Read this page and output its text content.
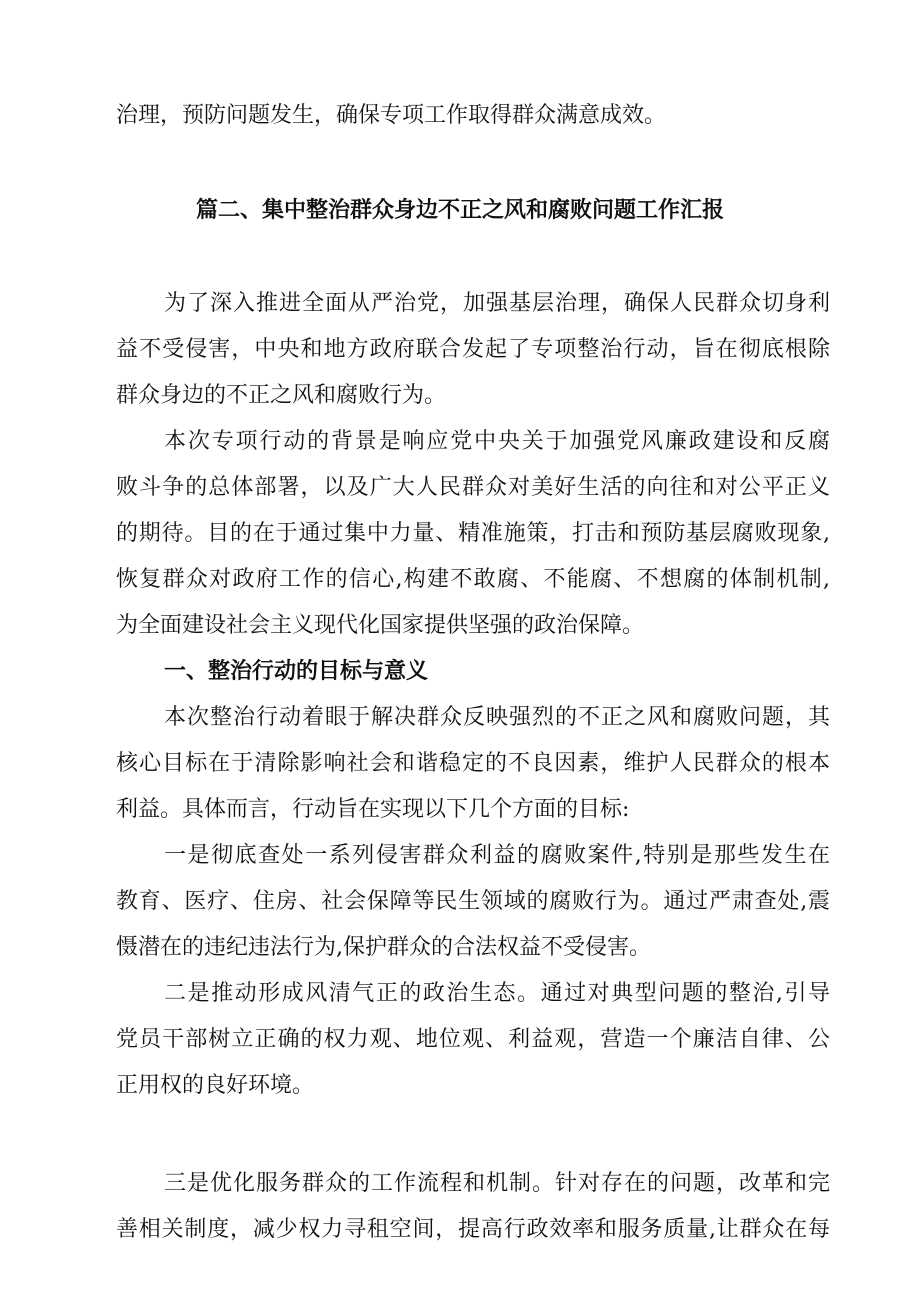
治理，预防问题发生，确保专项工作取得群众满意成效。
篇二、集中整治群众身边不正之风和腐败问题工作汇报
为了深入推进全面从严治党，加强基层治理，确保人民群众切身利
益不受侵害，中央和地方政府联合发起了专项整治行动，旨在彻底根除
群众身边的不正之风和腐败行为。
本次专项行动的背景是响应党中央关于加强党风廉政建设和反腐
败斗争的总体部署，以及广大人民群众对美好生活的向往和对公平正义
的期待。目的在于通过集中力量、精准施策，打击和预防基层腐败现象,
恢复群众对政府工作的信心,构建不敢腐、不能腐、不想腐的体制机制,
为全面建设社会主义现代化国家提供坚强的政治保障。
一、整治行动的目标与意义
本次整治行动着眼于解决群众反映强烈的不正之风和腐败问题，其
核心目标在于清除影响社会和谐稳定的不良因素，维护人民群众的根本
利益。具体而言，行动旨在实现以下几个方面的目标:
一是彻底查处一系列侵害群众利益的腐败案件,特别是那些发生在
教育、医疗、住房、社会保障等民生领域的腐败行为。通过严肃查处,震
慑潜在的违纪违法行为,保护群众的合法权益不受侵害。
二是推动形成风清气正的政治生态。通过对典型问题的整治,引导
党员干部树立正确的权力观、地位观、利益观，营造一个廉洁自律、公
正用权的良好环境。
三是优化服务群众的工作流程和机制。针对存在的问题，改革和完
善相关制度，减少权力寻租空间，提高行政效率和服务质量,让群众在每
